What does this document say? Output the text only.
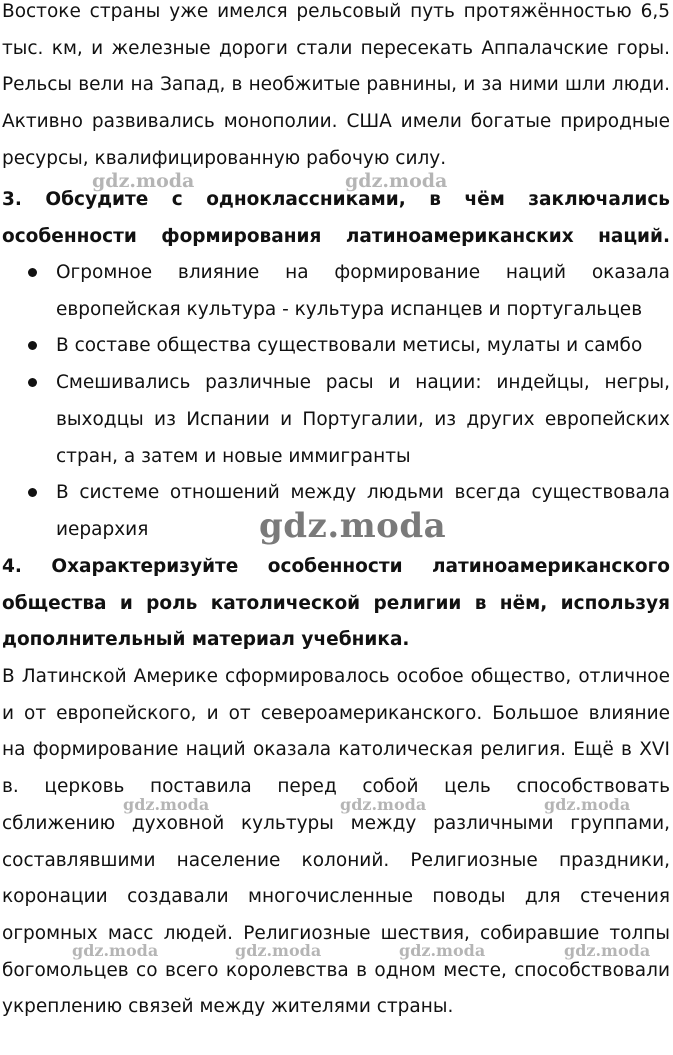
Востоке страны уже имелся рельсовый путь протяжённостью 6,5 тыс. км, и железные дороги стали пересекать Аппалачские горы. Рельсы вели на Запад, в необжитые равнины, и за ними шли люди. Активно развивались монополии. США имели богатые природные ресурсы, квалифицированную рабочую силу.

3. Обсудите с одноклассниками, в чём заключались особенности формирования латиноамериканских наций.

Огромное влияние на формирование наций оказала европейская культура - культура испанцев и португальцев
В составе общества существовали метисы, мулаты и самбо
Смешивались различные расы и нации: индейцы, негры, выходцы из Испании и Португалии, из других европейских стран, а затем и новые иммигранты
В системе отношений между людьми всегда существовала иерархия

4. Охарактеризуйте особенности латиноамериканского общества и роль католической религии в нём, используя дополнительный материал учебника.

В Латинской Америке сформировалось особое общество, отличное и от европейского, и от североамериканского. Большое влияние на формирование наций оказала католическая религия. Ещё в XVI в. церковь поставила перед собой цель способствовать сближению духовной культуры между различными группами, составлявшими население колоний. Религиозные праздники, коронации создавали многочисленные поводы для стечения огромных масс людей. Религиозные шествия, собиравшие толпы богомольцев со всего королевства в одном месте, способствовали укреплению связей между жителями страны.

gdz.moda	gdz.moda
gdz.moda
gdz.moda	gdz.moda	gdz.moda
gdz.moda	gdz.moda	gdz.moda	gdz.moda
